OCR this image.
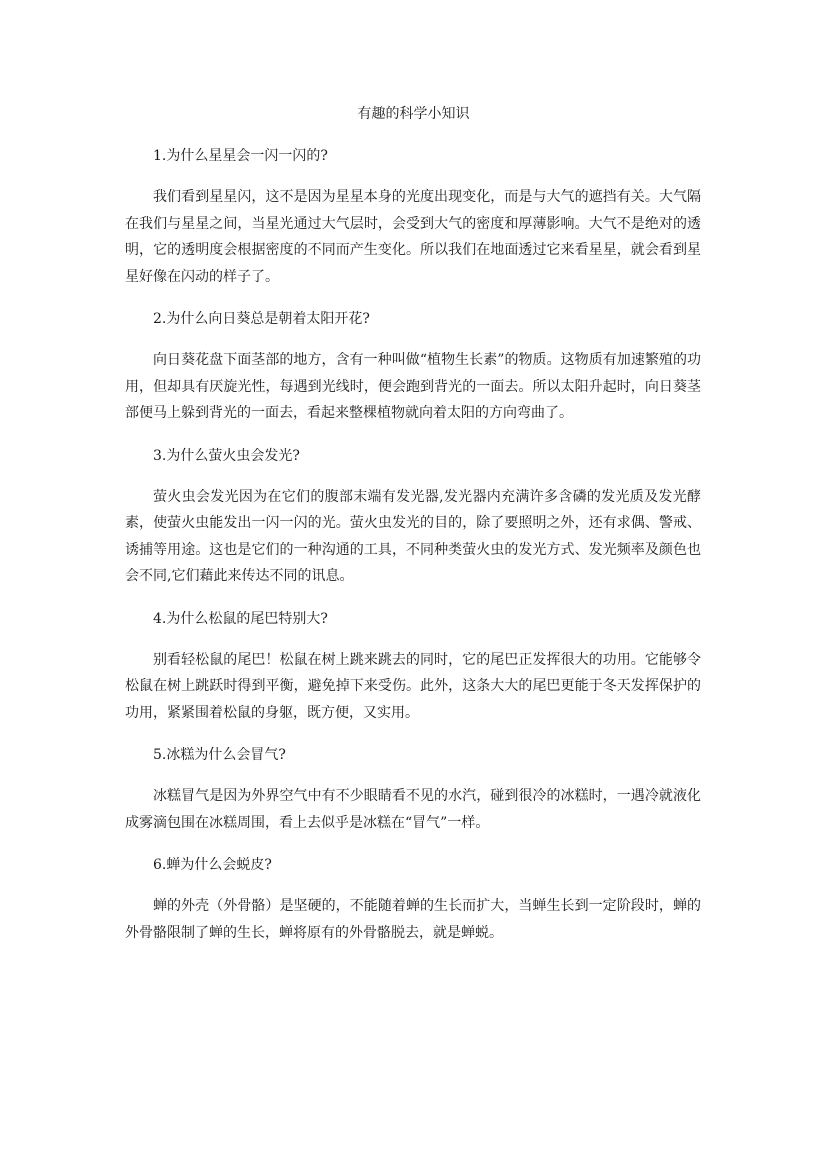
有趣的科学小知识

1.为什么星星会一闪一闪的?

我们看到星星闪，这不是因为星星本身的光度出现变化，而是与大气的遮挡有关。大气隔在我们与星星之间，当星光通过大气层时，会受到大气的密度和厚薄影响。大气不是绝对的透明，它的透明度会根据密度的不同而产生变化。所以我们在地面透过它来看星星，就会看到星星好像在闪动的样子了。

2.为什么向日葵总是朝着太阳开花?

向日葵花盘下面茎部的地方，含有一种叫做“植物生长素”的物质。这物质有加速繁殖的功用，但却具有厌旋光性，每遇到光线时，便会跑到背光的一面去。所以太阳升起时，向日葵茎部便马上躲到背光的一面去，看起来整棵植物就向着太阳的方向弯曲了。

3.为什么萤火虫会发光?

萤火虫会发光因为在它们的腹部末端有发光器,发光器内充满许多含磷的发光质及发光酵素，使萤火虫能发出一闪一闪的光。萤火虫发光的目的，除了要照明之外，还有求偶、警戒、诱捕等用途。这也是它们的一种沟通的工具，不同种类萤火虫的发光方式、发光频率及颜色也会不同,它们藉此来传达不同的讯息。

4.为什么松鼠的尾巴特别大?

别看轻松鼠的尾巴！松鼠在树上跳来跳去的同时，它的尾巴正发挥很大的功用。它能够令松鼠在树上跳跃时得到平衡，避免掉下来受伤。此外，这条大大的尾巴更能于冬天发挥保护的功用，紧紧围着松鼠的身躯，既方便，又实用。

5.冰糕为什么会冒气?

冰糕冒气是因为外界空气中有不少眼睛看不见的水汽，碰到很冷的冰糕时，一遇冷就液化成雾滴包围在冰糕周围，看上去似乎是冰糕在“冒气”一样。

6.蝉为什么会蜕皮?

蝉的外壳（外骨骼）是坚硬的，不能随着蝉的生长而扩大，当蝉生长到一定阶段时，蝉的外骨骼限制了蝉的生长，蝉将原有的外骨骼脱去，就是蝉蜕。
